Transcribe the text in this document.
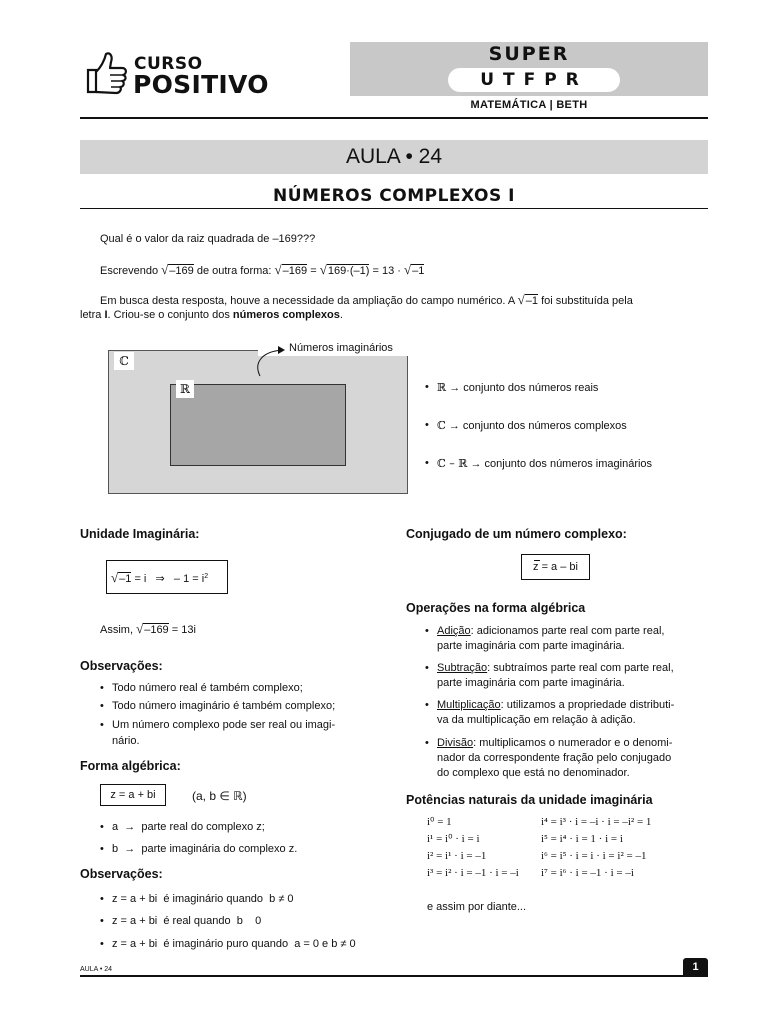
CURSO
POSITIVO
SUPER
UTFPR
MATEMÁTICA | BETH
AULA • 24
NÚMEROS COMPLEXOS I
Qual é o valor da raiz quadrada de –169???
Escrevendo √–169 de outra forma: √–169 = √169·(–1) = 13 · √–1
Em busca desta resposta, houve a necessidade da ampliação do campo numérico. A √–1 foi substituída pela
letra I. Criou-se o conjunto dos números complexos.
ℂ
ℝ
Números imaginários
ℝ → conjunto dos números reais
ℂ → conjunto dos números complexos
ℂ – ℝ → conjunto dos números imaginários
Unidade Imaginária:
√–1 = i   ⇒   – $1 = i^2$
Assim, √–169 = 13i
Observações:
• Todo número real é também complexo;
• Todo número imaginário é também complexo;
• Um número complexo pode ser real ou imagi-
nário.
Forma algébrica:
z = a + bi	(a, b ∈ ℝ)
• a  →  parte real do complexo z;
• b  →  parte imaginária do complexo z.
Observações:
• z = a + bi  é imaginário quando  b ≠ 0
• z = a + bi  é real quando  b    0
• z = a + bi  é imaginário puro quando  a = 0 e b ≠ 0
Conjugado de um número complexo:
z = a – bi
Operações na forma algébrica
Adição: adicionamos parte real com parte real,
parte imaginária com parte imaginária.
Subtração: subtraímos parte real com parte real,
parte imaginária com parte imaginária.
Multiplicação: utilizamos a propriedade distributi-
va da multiplicação em relação à adição.
Divisão: multiplicamos o numerador e o denomi-
nador da correspondente fração pelo conjugado
do complexo que está no denominador.
Potências naturais da unidade imaginária
i⁰ = 1
i¹ = i⁰ · i = i
i² = i¹ · i = –1
i³ = i² · i = –1 · i = –i
i⁴ = i³ · i = –i · i = –i² = 1
i⁵ = i⁴ · i = 1 · i = i
i⁶ = i⁵ · i = i · i = i² = –1
i⁷ = i⁶ · i = –1 · i = –i
e assim por diante...
AULA • 24	1
